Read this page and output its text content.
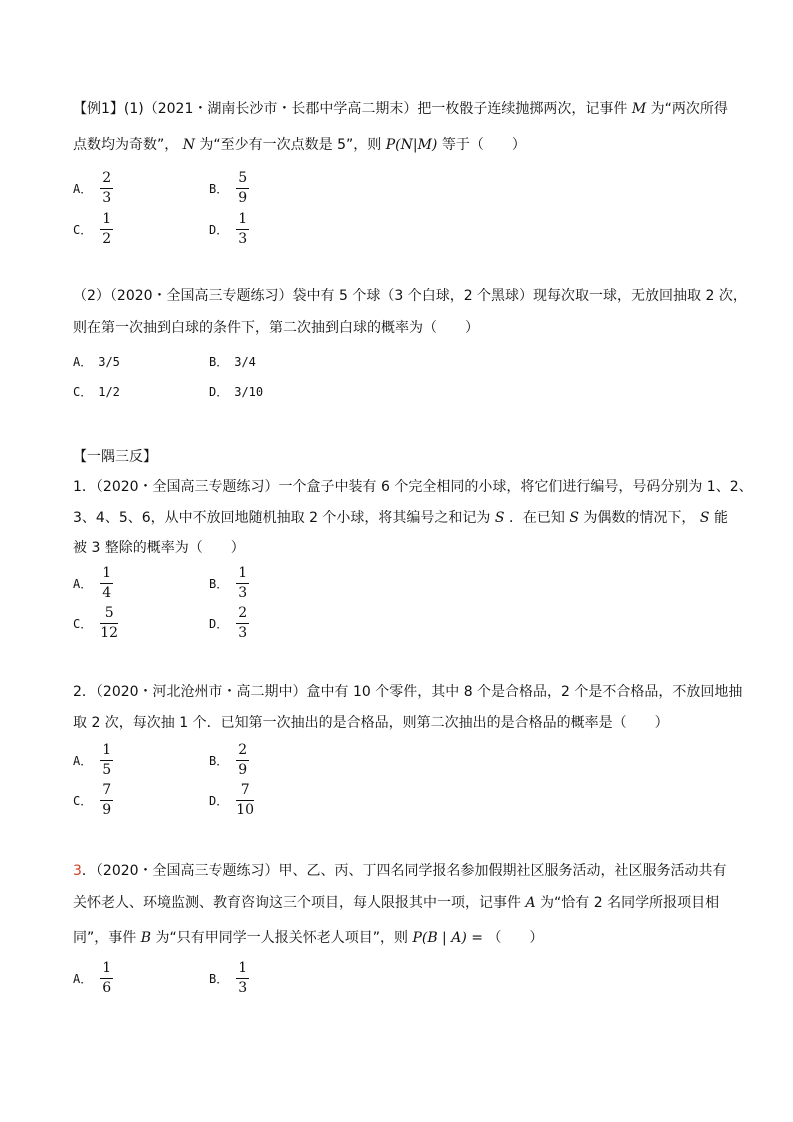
【例1】(1)（2021・湖南长沙市・长郡中学高二期末）把一枚骰子连续抛掷两次，记事件 M 为“两次所得
点数均为奇数”， N 为“至少有一次点数是 5”，则 P(N|M) 等于（　　）
A． $\frac{2}{3}$	B． $\frac{5}{9}$
C． $\frac{1}{2}$	D． $\frac{1}{3}$
（2）（2020・全国高三专题练习）袋中有 5 个球（3 个白球，2 个黑球）现每次取一球，无放回抽取 2 次，
则在第一次抽到白球的条件下，第二次抽到白球的概率为（　　）
A． 3/5	B． 3/4
C． 1/2	D． 3/10
【一隅三反】
1．（2020・全国高三专题练习）一个盒子中装有 6 个完全相同的小球，将它们进行编号，号码分别为 1、2、
3、4、5、6，从中不放回地随机抽取 2 个小球，将其编号之和记为 S ．在已知 S 为偶数的情况下， S 能
被 3 整除的概率为（　　）
A． $\frac{1}{4}$	B． $\frac{1}{3}$
C． $\frac{5}{12}$	D． $\frac{2}{3}$
2．（2020・河北沧州市・高二期中）盒中有 10 个零件，其中 8 个是合格品，2 个是不合格品，不放回地抽
取 2 次，每次抽 1 个．已知第一次抽出的是合格品，则第二次抽出的是合格品的概率是（　　）
A． $\frac{1}{5}$	B． $\frac{2}{9}$
C． $\frac{7}{9}$	D． $\frac{7}{10}$
3．（2020・全国高三专题练习）甲、乙、丙、丁四名同学报名参加假期社区服务活动，社区服务活动共有
关怀老人、环境监测、教育咨询这三个项目，每人限报其中一项，记事件 A 为“恰有 2 名同学所报项目相
同”，事件 B 为“只有甲同学一人报关怀老人项目”，则 P(B | A) = （　　）
A． $\frac{1}{6}$	B． $\frac{1}{3}$
